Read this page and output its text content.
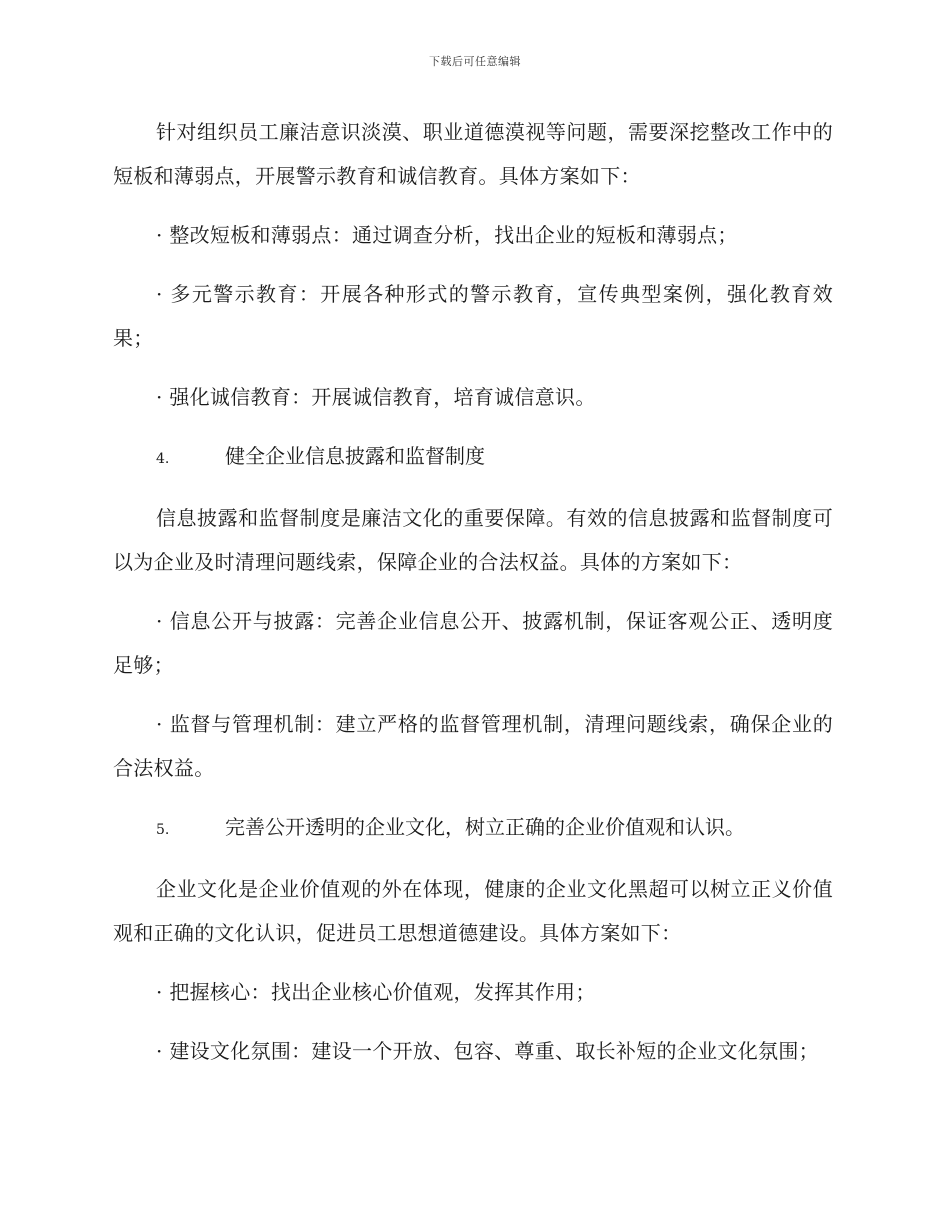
下载后可任意编辑

针对组织员工廉洁意识淡漠、职业道德漠视等问题，需要深挖整改工作中的短板和薄弱点，开展警示教育和诚信教育。具体方案如下：

· 整改短板和薄弱点：通过调查分析，找出企业的短板和薄弱点；

· 多元警示教育：开展各种形式的警示教育，宣传典型案例，强化教育效果；

· 强化诚信教育：开展诚信教育，培育诚信意识。

4.	健全企业信息披露和监督制度

信息披露和监督制度是廉洁文化的重要保障。有效的信息披露和监督制度可以为企业及时清理问题线索，保障企业的合法权益。具体的方案如下：

· 信息公开与披露：完善企业信息公开、披露机制，保证客观公正、透明度足够；

· 监督与管理机制：建立严格的监督管理机制，清理问题线索，确保企业的合法权益。

5.	完善公开透明的企业文化，树立正确的企业价值观和认识。

企业文化是企业价值观的外在体现，健康的企业文化黑超可以树立正义价值观和正确的文化认识，促进员工思想道德建设。具体方案如下：

· 把握核心：找出企业核心价值观，发挥其作用；

· 建设文化氛围：建设一个开放、包容、尊重、取长补短的企业文化氛围；
